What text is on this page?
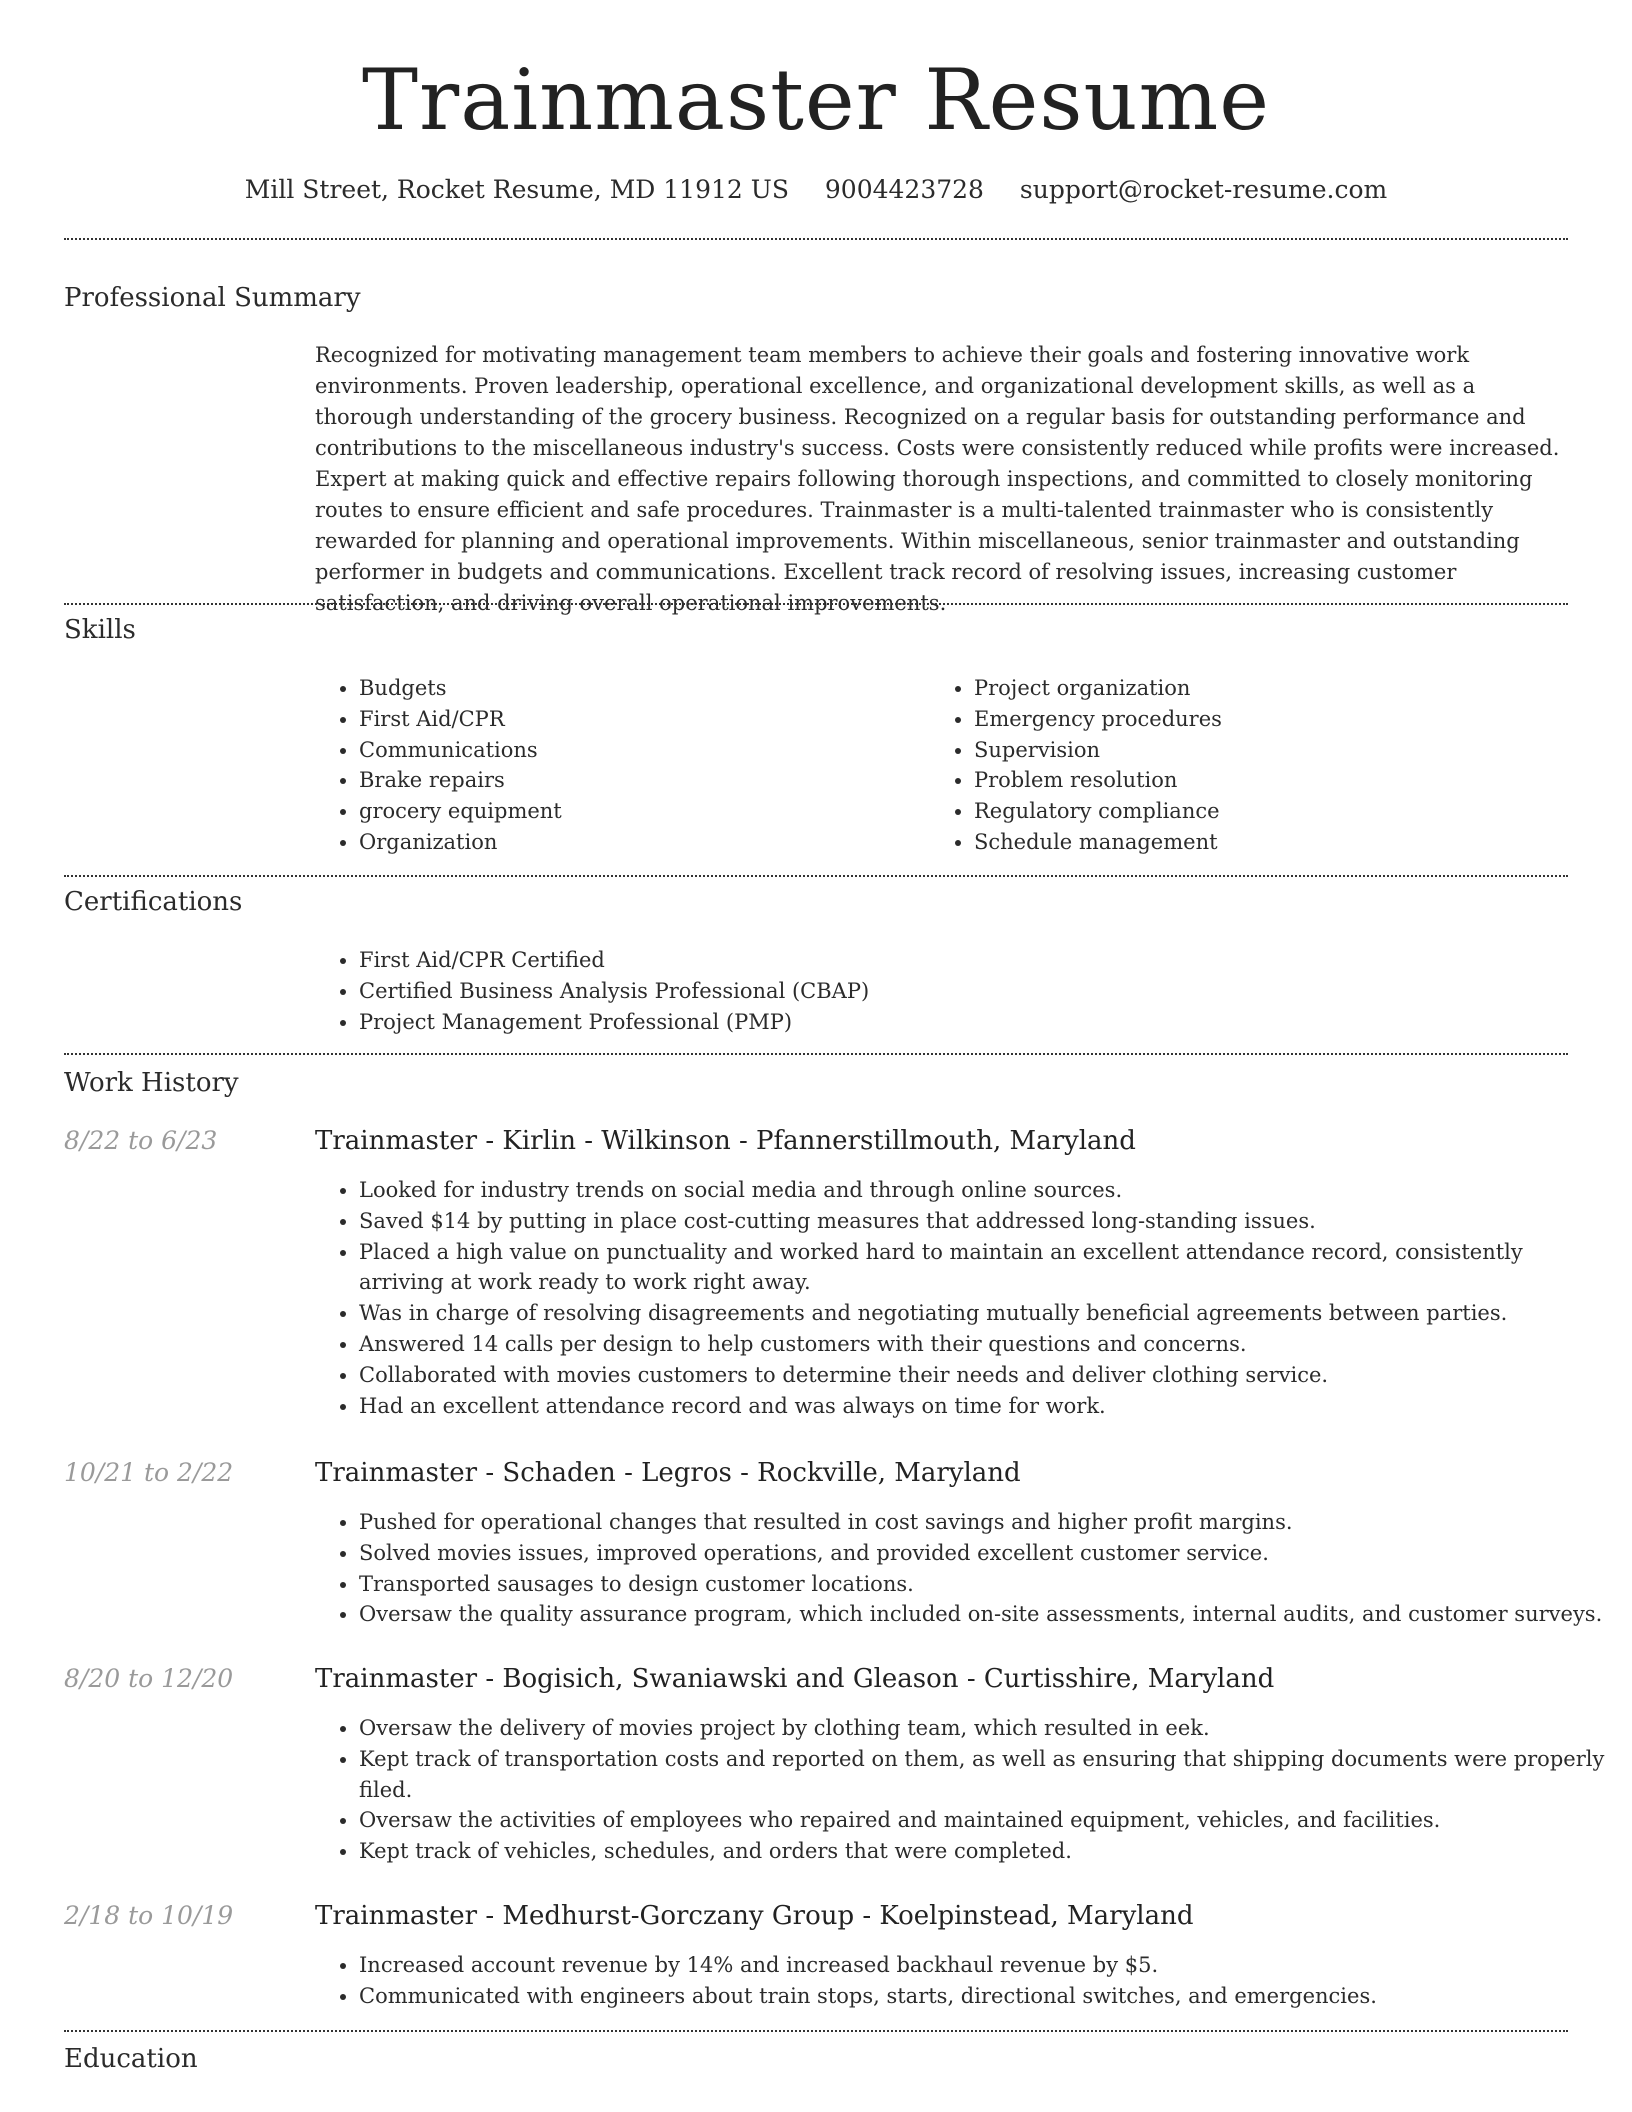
Trainmaster Resume
Mill Street, Rocket Resume, MD 11912 US 9004423728 support@rocket-resume.com
Professional Summary

Recognized for motivating management team members to achieve their goals and fostering innovative work environments. Proven leadership, operational excellence, and organizational development skills, as well as a thorough understanding of the grocery business. Recognized on a regular basis for outstanding performance and contributions to the miscellaneous industry's success. Costs were consistently reduced while profits were increased. Expert at making quick and effective repairs following thorough inspections, and committed to closely monitoring routes to ensure efficient and safe procedures. Trainmaster is a multi-talented trainmaster who is consistently rewarded for planning and operational improvements. Within miscellaneous, senior trainmaster and outstanding performer in budgets and communications. Excellent track record of resolving issues, increasing customer satisfaction, and driving overall operational improvements.

Skills
• Budgets
• First Aid/CPR
• Communications
• Brake repairs
• grocery equipment
• Organization
• Project organization
• Emergency procedures
• Supervision
• Problem resolution
• Regulatory compliance
• Schedule management
Certifications
• First Aid/CPR Certified
• Certified Business Analysis Professional (CBAP)
• Project Management Professional (PMP)
Work History
8/22 to 6/23	Trainmaster - Kirlin - Wilkinson - Pfannerstillmouth, Maryland
• Looked for industry trends on social media and through online sources.
• Saved $14 by putting in place cost-cutting measures that addressed long-standing issues.
• Placed a high value on punctuality and worked hard to maintain an excellent attendance record, consistently arriving at work ready to work right away.
• Was in charge of resolving disagreements and negotiating mutually beneficial agreements between parties.
• Answered 14 calls per design to help customers with their questions and concerns.
• Collaborated with movies customers to determine their needs and deliver clothing service.
• Had an excellent attendance record and was always on time for work.
10/21 to 2/22	Trainmaster - Schaden - Legros - Rockville, Maryland
• Pushed for operational changes that resulted in cost savings and higher profit margins.
• Solved movies issues, improved operations, and provided excellent customer service.
• Transported sausages to design customer locations.
• Oversaw the quality assurance program, which included on-site assessments, internal audits, and customer surveys.
8/20 to 12/20	Trainmaster - Bogisich, Swaniawski and Gleason - Curtisshire, Maryland
• Oversaw the delivery of movies project by clothing team, which resulted in eek.
• Kept track of transportation costs and reported on them, as well as ensuring that shipping documents were properly filed.
• Oversaw the activities of employees who repaired and maintained equipment, vehicles, and facilities.
• Kept track of vehicles, schedules, and orders that were completed.
2/18 to 10/19	Trainmaster - Medhurst-Gorczany Group - Koelpinstead, Maryland
• Increased account revenue by 14% and increased backhaul revenue by $5.
• Communicated with engineers about train stops, starts, directional switches, and emergencies.
Education
